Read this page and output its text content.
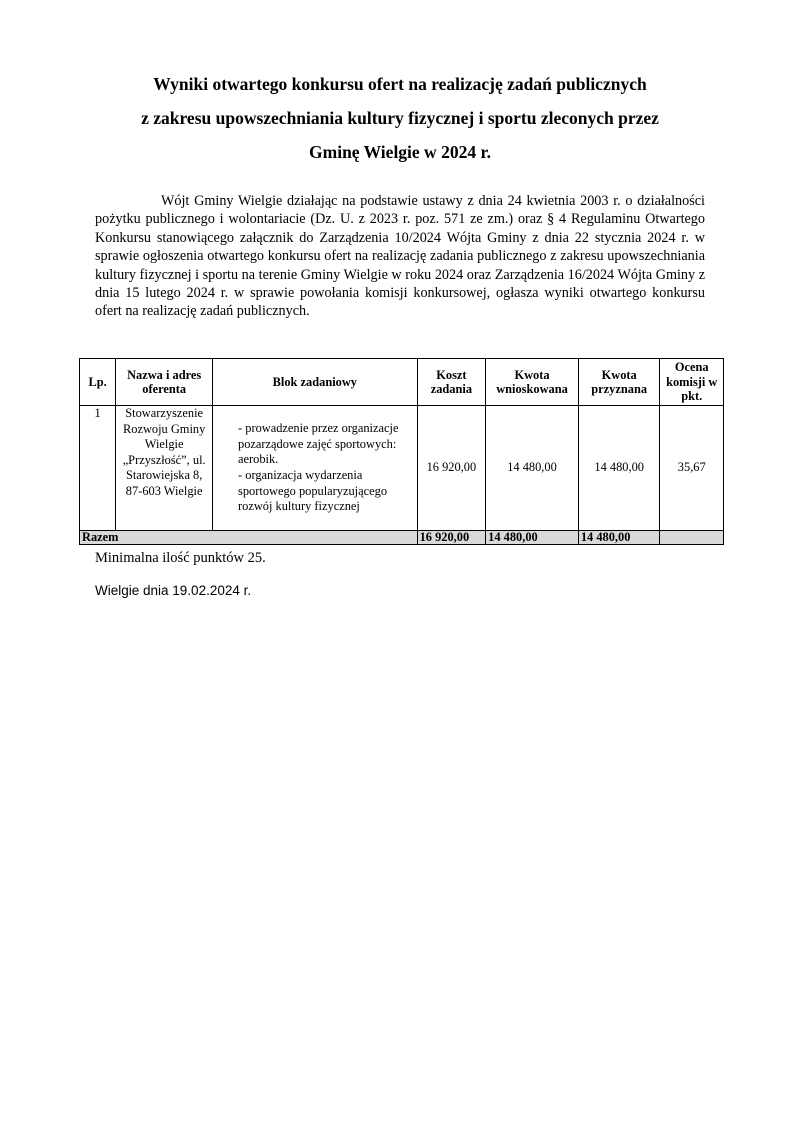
Wyniki otwartego konkursu ofert na realizację zadań publicznych
z zakresu upowszechniania kultury fizycznej i sportu zleconych przez
Gminę Wielgie w 2024 r.

Wójt Gminy Wielgie działając na podstawie ustawy z dnia 24 kwietnia 2003 r. o działalności pożytku publicznego i wolontariacie (Dz. U. z 2023 r. poz. 571 ze zm.) oraz § 4 Regulaminu Otwartego Konkursu stanowiącego załącznik do Zarządzenia 10/2024 Wójta Gminy z dnia 22 stycznia 2024 r. w sprawie ogłoszenia otwartego konkursu ofert na realizację zadania publicznego z zakresu upowszechniania kultury fizycznej i sportu na terenie Gminy Wielgie w roku 2024 oraz Zarządzenia 16/2024 Wójta Gminy z dnia 15 lutego 2024 r. w sprawie powołania komisji konkursowej, ogłasza wyniki otwartego konkursu ofert na realizację zadań publicznych.

Lp.	Nazwa i adres oferenta	Blok zadaniowy	Koszt zadania	Kwota wnioskowana	Kwota przyznana	Ocena komisji w pkt.
1	Stowarzyszenie Rozwoju Gminy Wielgie „Przyszłość”, ul. Starowiejska 8, 87-603 Wielgie	- prowadzenie przez organizacje pozarządowe zajęć sportowych: aerobik.
- organizacja wydarzenia sportowego popularyzującego rozwój kultury fizycznej	16 920,00	14 480,00	14 480,00	35,67
Razem			16 920,00	14 480,00	14 480,00	
Minimalna ilość punktów 25.
Wielgie dnia 19.02.2024 r.
